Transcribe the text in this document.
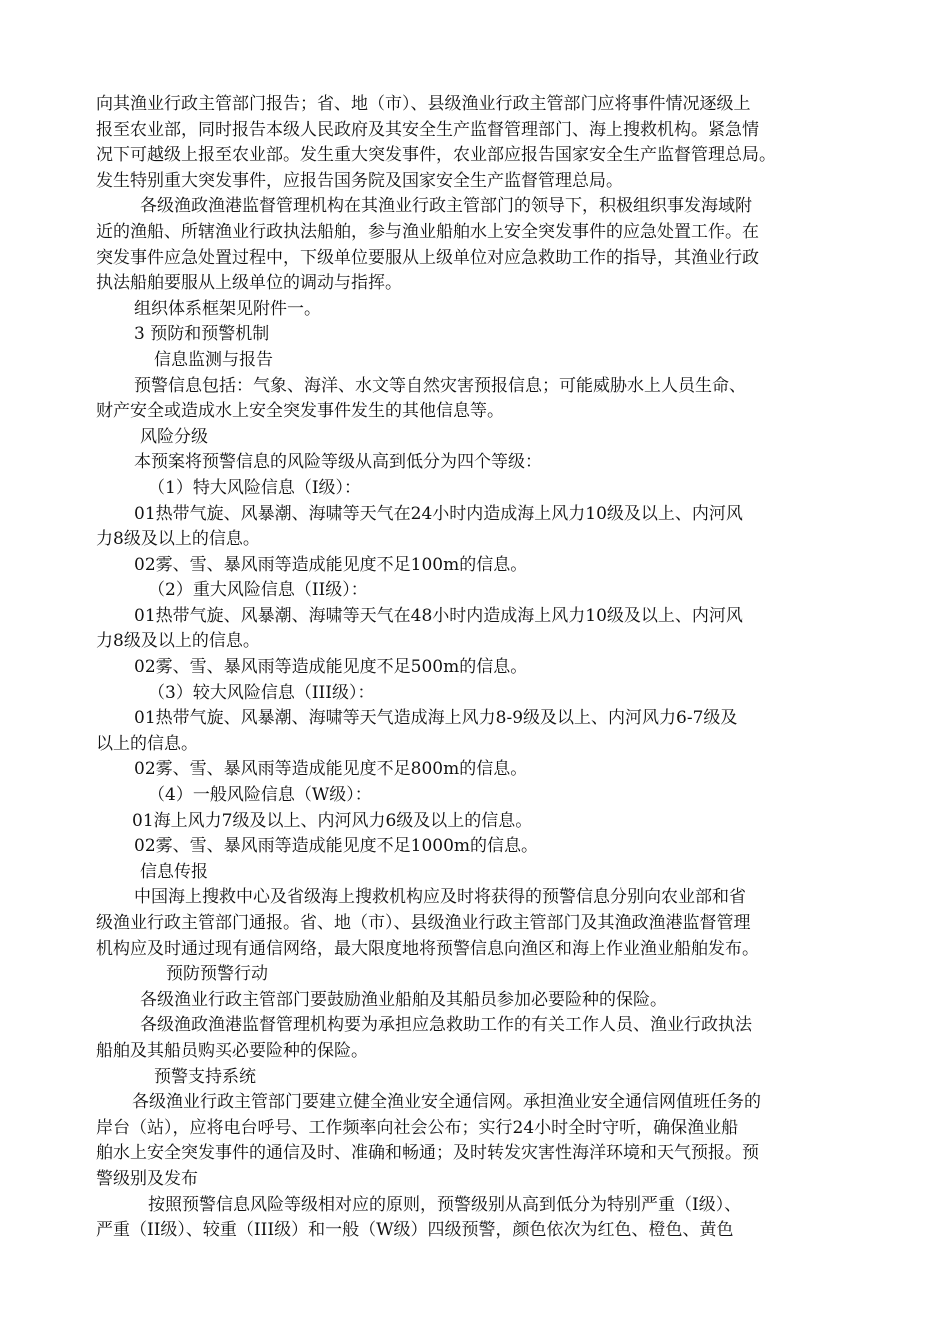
向其渔业行政主管部门报告；省、地（市）、县级渔业行政主管部门应将事件情况逐级上
报至农业部，同时报告本级人民政府及其安全生产监督管理部门、海上搜救机构。紧急情
况下可越级上报至农业部。发生重大突发事件，农业部应报告国家安全生产监督管理总局。
发生特别重大突发事件，应报告国务院及国家安全生产监督管理总局。
各级渔政渔港监督管理机构在其渔业行政主管部门的领导下，积极组织事发海域附
近的渔船、所辖渔业行政执法船舶，参与渔业船舶水上安全突发事件的应急处置工作。在
突发事件应急处置过程中，下级单位要服从上级单位对应急救助工作的指导，其渔业行政
执法船舶要服从上级单位的调动与指挥。
组织体系框架见附件一。
3 预防和预警机制
信息监测与报告
预警信息包括：气象、海洋、水文等自然灾害预报信息；可能威胁水上人员生命、
财产安全或造成水上安全突发事件发生的其他信息等。
风险分级
本预案将预警信息的风险等级从高到低分为四个等级：
（1）特大风险信息（Ⅰ级）：
01热带气旋、风暴潮、海啸等天气在24小时内造成海上风力10级及以上、内河风
力8级及以上的信息。
02雾、雪、暴风雨等造成能见度不足100m的信息。
（2）重大风险信息（II级）：
01热带气旋、风暴潮、海啸等天气在48小时内造成海上风力10级及以上、内河风
力8级及以上的信息。
02雾、雪、暴风雨等造成能见度不足500m的信息。
（3）较大风险信息（III级）：
01热带气旋、风暴潮、海啸等天气造成海上风力8-9级及以上、内河风力6-7级及
以上的信息。
02雾、雪、暴风雨等造成能见度不足800m的信息。
（4）一般风险信息（W级）：
01海上风力7级及以上、内河风力6级及以上的信息。
02雾、雪、暴风雨等造成能见度不足1000m的信息。
信息传报
中国海上搜救中心及省级海上搜救机构应及时将获得的预警信息分别向农业部和省
级渔业行政主管部门通报。省、地（市）、县级渔业行政主管部门及其渔政渔港监督管理
机构应及时通过现有通信网络，最大限度地将预警信息向渔区和海上作业渔业船舶发布。
预防预警行动
各级渔业行政主管部门要鼓励渔业船舶及其船员参加必要险种的保险。
各级渔政渔港监督管理机构要为承担应急救助工作的有关工作人员、渔业行政执法
船舶及其船员购买必要险种的保险。
预警支持系统
各级渔业行政主管部门要建立健全渔业安全通信网。承担渔业安全通信网值班任务的
岸台（站），应将电台呼号、工作频率向社会公布；实行24小时全时守听，确保渔业船
舶水上安全突发事件的通信及时、准确和畅通；及时转发灾害性海洋环境和天气预报。预
警级别及发布
按照预警信息风险等级相对应的原则，预警级别从高到低分为特别严重（Ⅰ级）、
严重（II级）、较重（III级）和一般（W级）四级预警，颜色依次为红色、橙色、黄色
